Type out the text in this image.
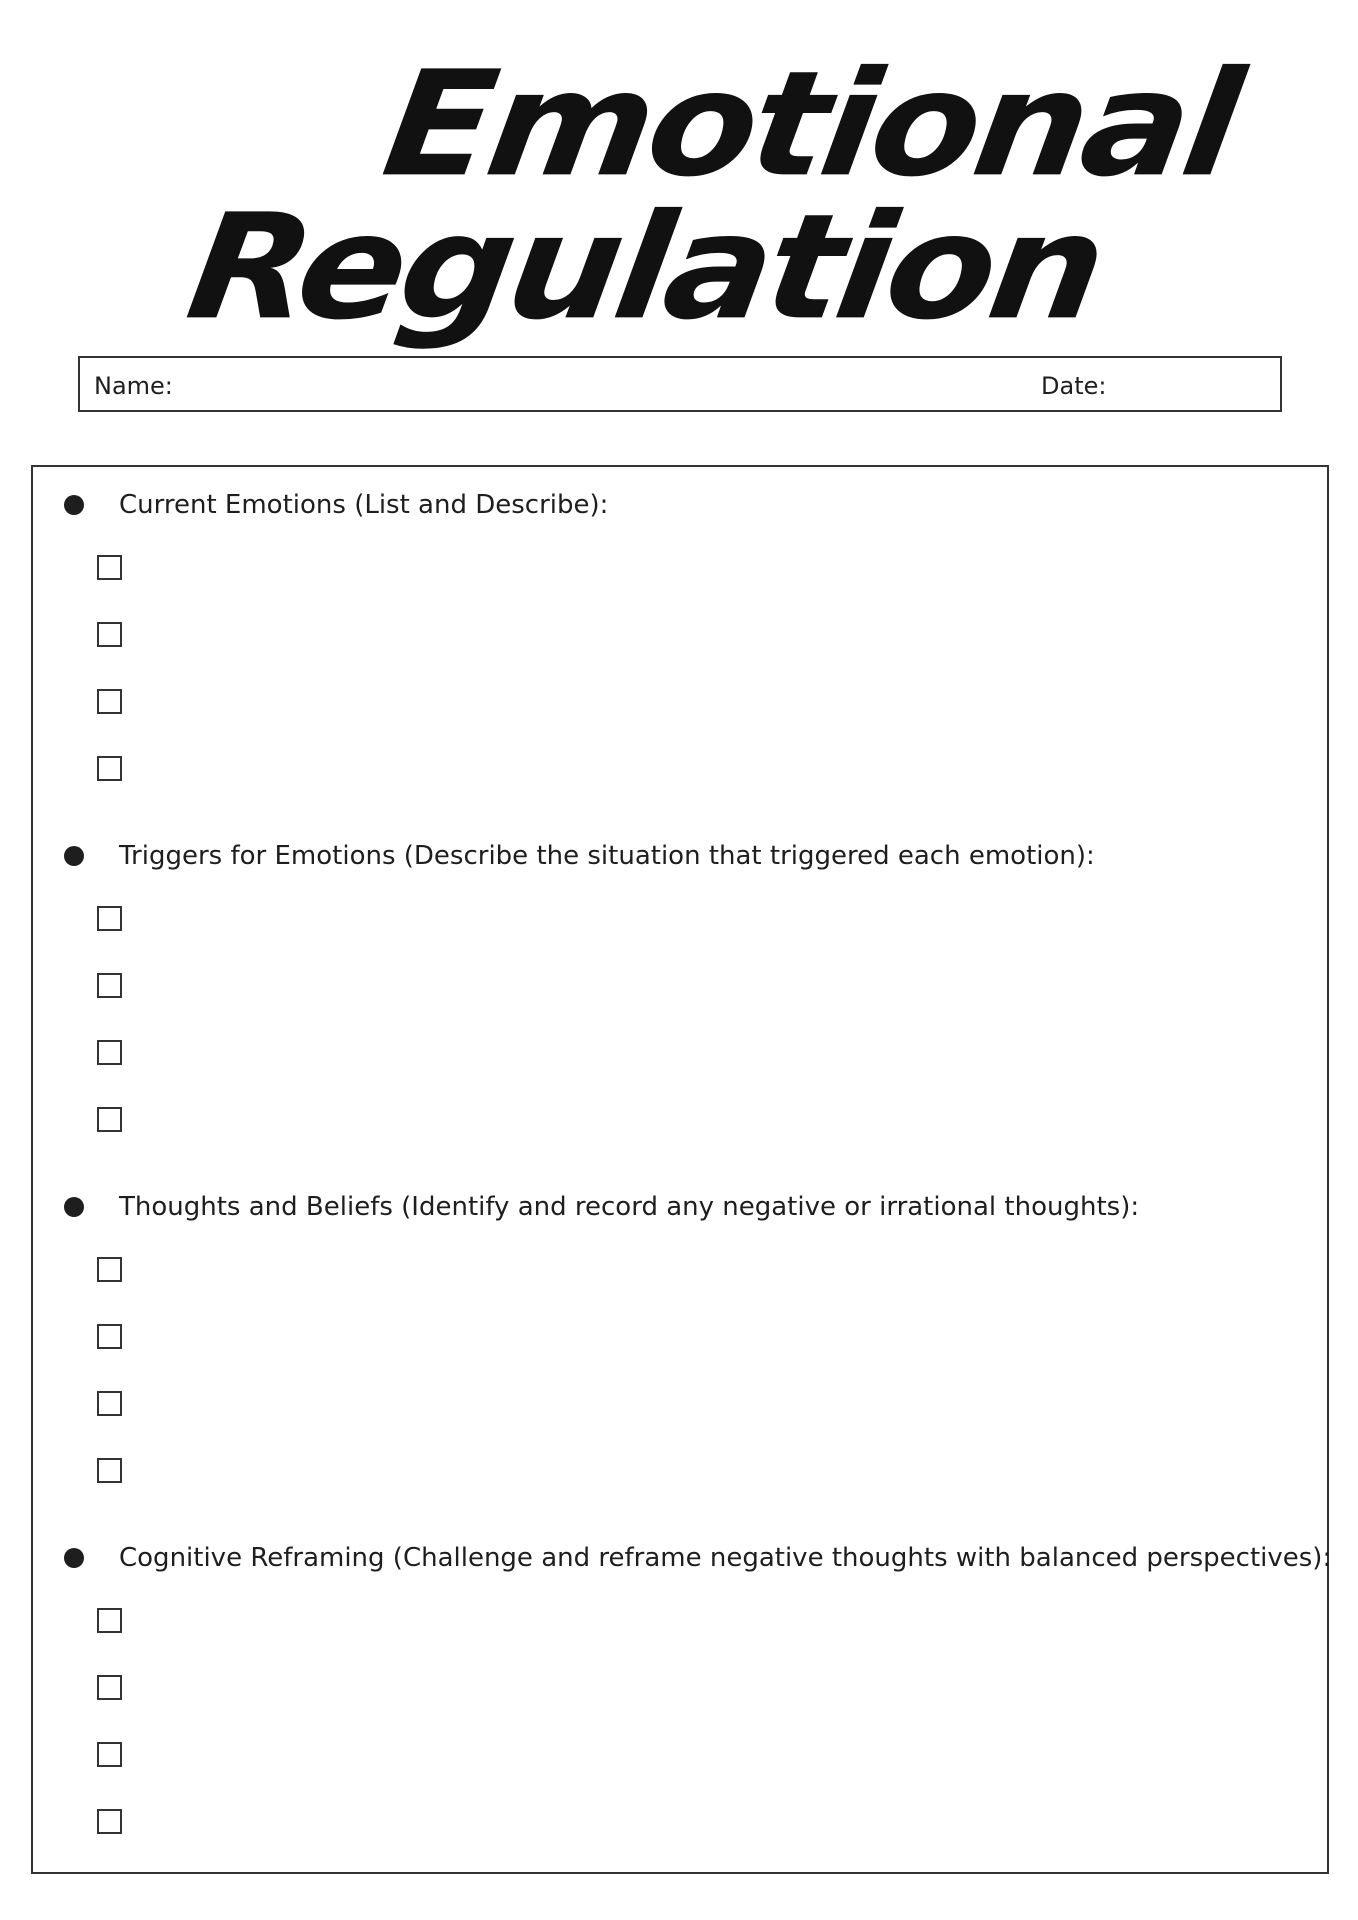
Emotional
Regulation
Name:	Date:
Current Emotions (List and Describe):
Triggers for Emotions (Describe the situation that triggered each emotion):
Thoughts and Beliefs (Identify and record any negative or irrational thoughts):
Cognitive Reframing (Challenge and reframe negative thoughts with balanced perspectives):
